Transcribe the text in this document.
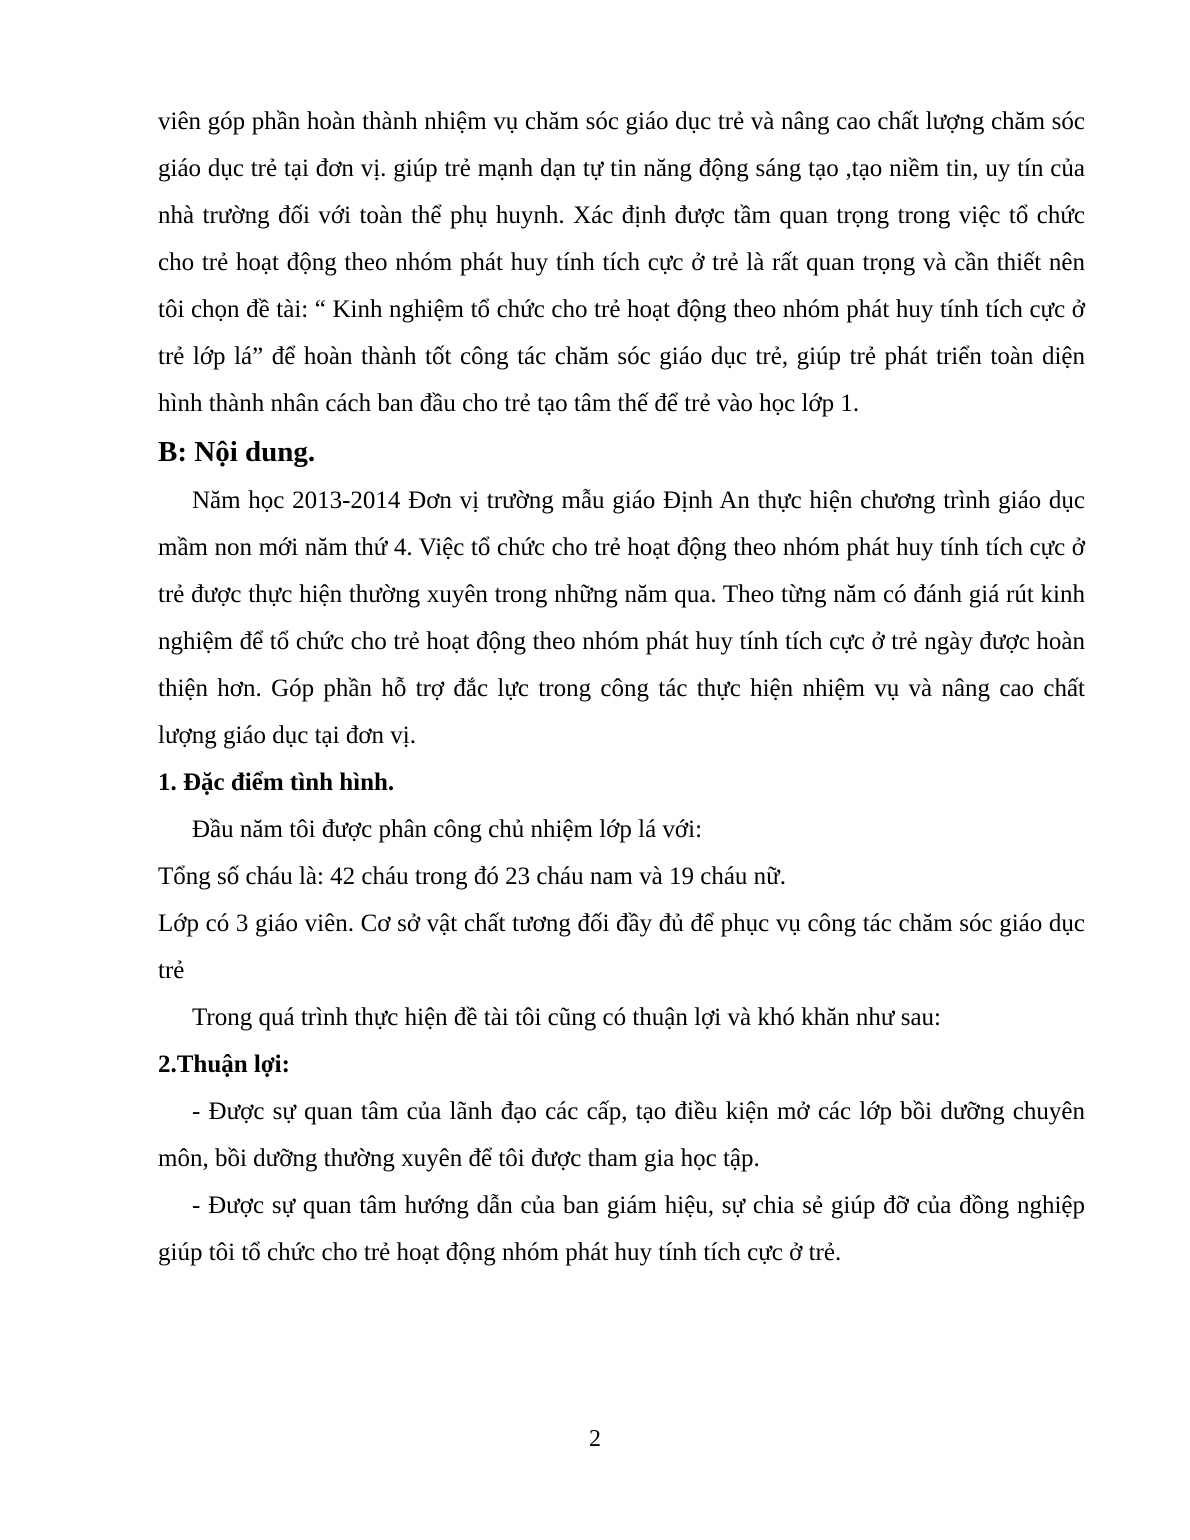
viên góp phần hoàn thành nhiệm vụ chăm sóc giáo dục trẻ và nâng cao chất lượng chăm sóc giáo dục trẻ tại đơn vị. giúp trẻ mạnh dạn tự tin năng động sáng tạo ,tạo niềm tin, uy tín của nhà trường đối với toàn thể phụ huynh. Xác định được tầm quan trọng trong việc tổ chức cho trẻ hoạt động theo nhóm phát huy tính tích cực ở trẻ là rất quan trọng và cần thiết nên tôi chọn đề tài: “ Kinh nghiệm tổ chức cho trẻ hoạt động theo nhóm phát huy tính tích cực ở trẻ lớp lá” để hoàn thành tốt công tác chăm sóc giáo dục trẻ, giúp trẻ phát triển toàn diện hình thành nhân cách ban đầu cho trẻ tạo tâm thế để trẻ vào học lớp 1.

B: Nội dung.

Năm học 2013-2014 Đơn vị trường mẫu giáo Định An thực hiện chương trình giáo dục mầm non mới năm thứ 4. Việc tổ chức cho trẻ hoạt động theo nhóm phát huy tính tích cực ở trẻ được thực hiện thường xuyên trong những năm qua. Theo từng năm có đánh giá rút kinh nghiệm để tổ chức cho trẻ hoạt động theo nhóm phát huy tính tích cực ở trẻ ngày được hoàn thiện hơn. Góp phần hỗ trợ đắc lực trong công tác thực hiện nhiệm vụ và nâng cao chất lượng giáo dục tại đơn vị.

1. Đặc điểm tình hình.

Đầu năm tôi được phân công chủ nhiệm lớp lá với:

Tổng số cháu là: 42 cháu trong đó 23 cháu nam và 19 cháu nữ.

Lớp có 3 giáo viên. Cơ sở vật chất tương đối đầy đủ để phục vụ công tác chăm sóc giáo dục trẻ

Trong quá trình thực hiện đề tài tôi cũng có thuận lợi và khó khăn như sau:

2.Thuận lợi:

- Được sự quan tâm của lãnh đạo các cấp, tạo điều kiện mở các lớp bồi dưỡng chuyên môn, bồi dưỡng thường xuyên để tôi được tham gia học tập.

- Được sự quan tâm hướng dẫn của ban giám hiệu, sự chia sẻ giúp đỡ của đồng nghiệp giúp tôi tổ chức cho trẻ hoạt động nhóm phát huy tính tích cực ở trẻ.

2
